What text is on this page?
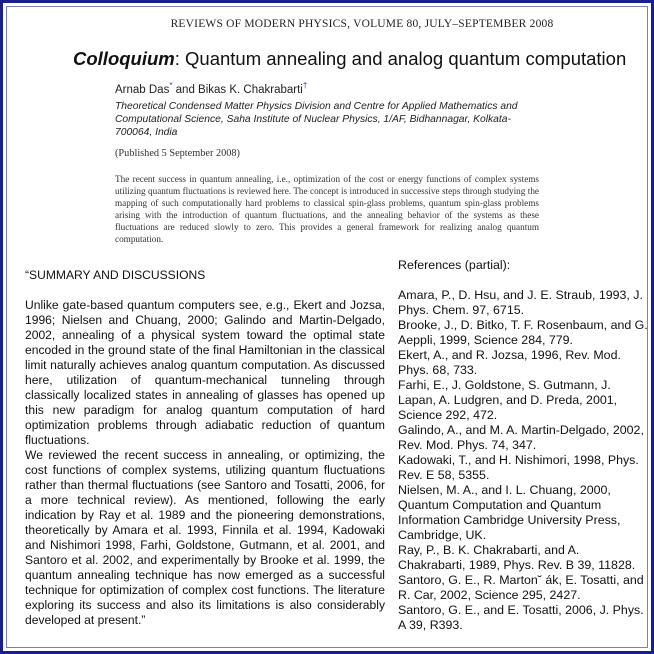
REVIEWS OF MODERN PHYSICS, VOLUME 80, JULY–SEPTEMBER 2008
Colloquium: Quantum annealing and analog quantum computation
Arnab Das* and Bikas K. Chakrabarti†
Theoretical Condensed Matter Physics Division and Centre for Applied Mathematics and Computational Science, Saha Institute of Nuclear Physics, 1/AF, Bidhannagar, Kolkata-700064, India
(Published 5 September 2008)
The recent success in quantum annealing, i.e., optimization of the cost or energy functions of complex systems utilizing quantum fluctuations is reviewed here. The concept is introduced in successive steps through studying the mapping of such computationally hard problems to classical spin-glass problems, quantum spin-glass problems arising with the introduction of quantum fluctuations, and the annealing behavior of the systems as these fluctuations are reduced slowly to zero. This provides a general framework for realizing analog quantum computation.
“SUMMARY AND DISCUSSIONS

Unlike gate-based quantum computers see, e.g., Ekert and Jozsa, 1996; Nielsen and Chuang, 2000; Galindo and Martin-Delgado, 2002, annealing of a physical system toward the optimal state encoded in the ground state of the final Hamiltonian in the classical limit naturally achieves analog quantum computation. As discussed here, utilization of quantum-mechanical tunneling through classically localized states in annealing of glasses has opened up this new paradigm for analog quantum computation of hard optimization problems through adiabatic reduction of quantum fluctuations.

We reviewed the recent success in annealing, or optimizing, the cost functions of complex systems, utilizing quantum fluctuations rather than thermal fluctuations (see Santoro and Tosatti, 2006, for a more technical review). As mentioned, following the early indication by Ray et al. 1989 and the pioneering demonstrations, theoretically by Amara et al. 1993, Finnila et al. 1994, Kadowaki and Nishimori 1998, Farhi, Goldstone, Gutmann, et al. 2001, and Santoro et al. 2002, and experimentally by Brooke et al. 1999, the quantum annealing technique has now emerged as a successful technique for optimization of complex cost functions. The literature exploring its success and also its limitations is also considerably developed at present.”

References (partial):
Amara, P., D. Hsu, and J. E. Straub, 1993, J. Phys. Chem. 97, 6715.
Brooke, J., D. Bitko, T. F. Rosenbaum, and G. Aeppli, 1999, Science 284, 779.
Ekert, A., and R. Jozsa, 1996, Rev. Mod. Phys. 68, 733.
Farhi, E., J. Goldstone, S. Gutmann, J. Lapan, A. Ludgren, and D. Preda, 2001, Science 292, 472.
Galindo, A., and M. A. Martin-Delgado, 2002, Rev. Mod. Phys. 74, 347.
Kadowaki, T., and H. Nishimori, 1998, Phys. Rev. E 58, 5355.
Nielsen, M. A., and I. L. Chuang, 2000, Quantum Computation and Quantum Information Cambridge University Press, Cambridge, UK.
Ray, P., B. K. Chakrabarti, and A. Chakrabarti, 1989, Phys. Rev. B 39, 11828.
Santoro, G. E., R. Marton˘ ák, E. Tosatti, and R. Car, 2002, Science 295, 2427.
Santoro, G. E., and E. Tosatti, 2006, J. Phys. A 39, R393.
